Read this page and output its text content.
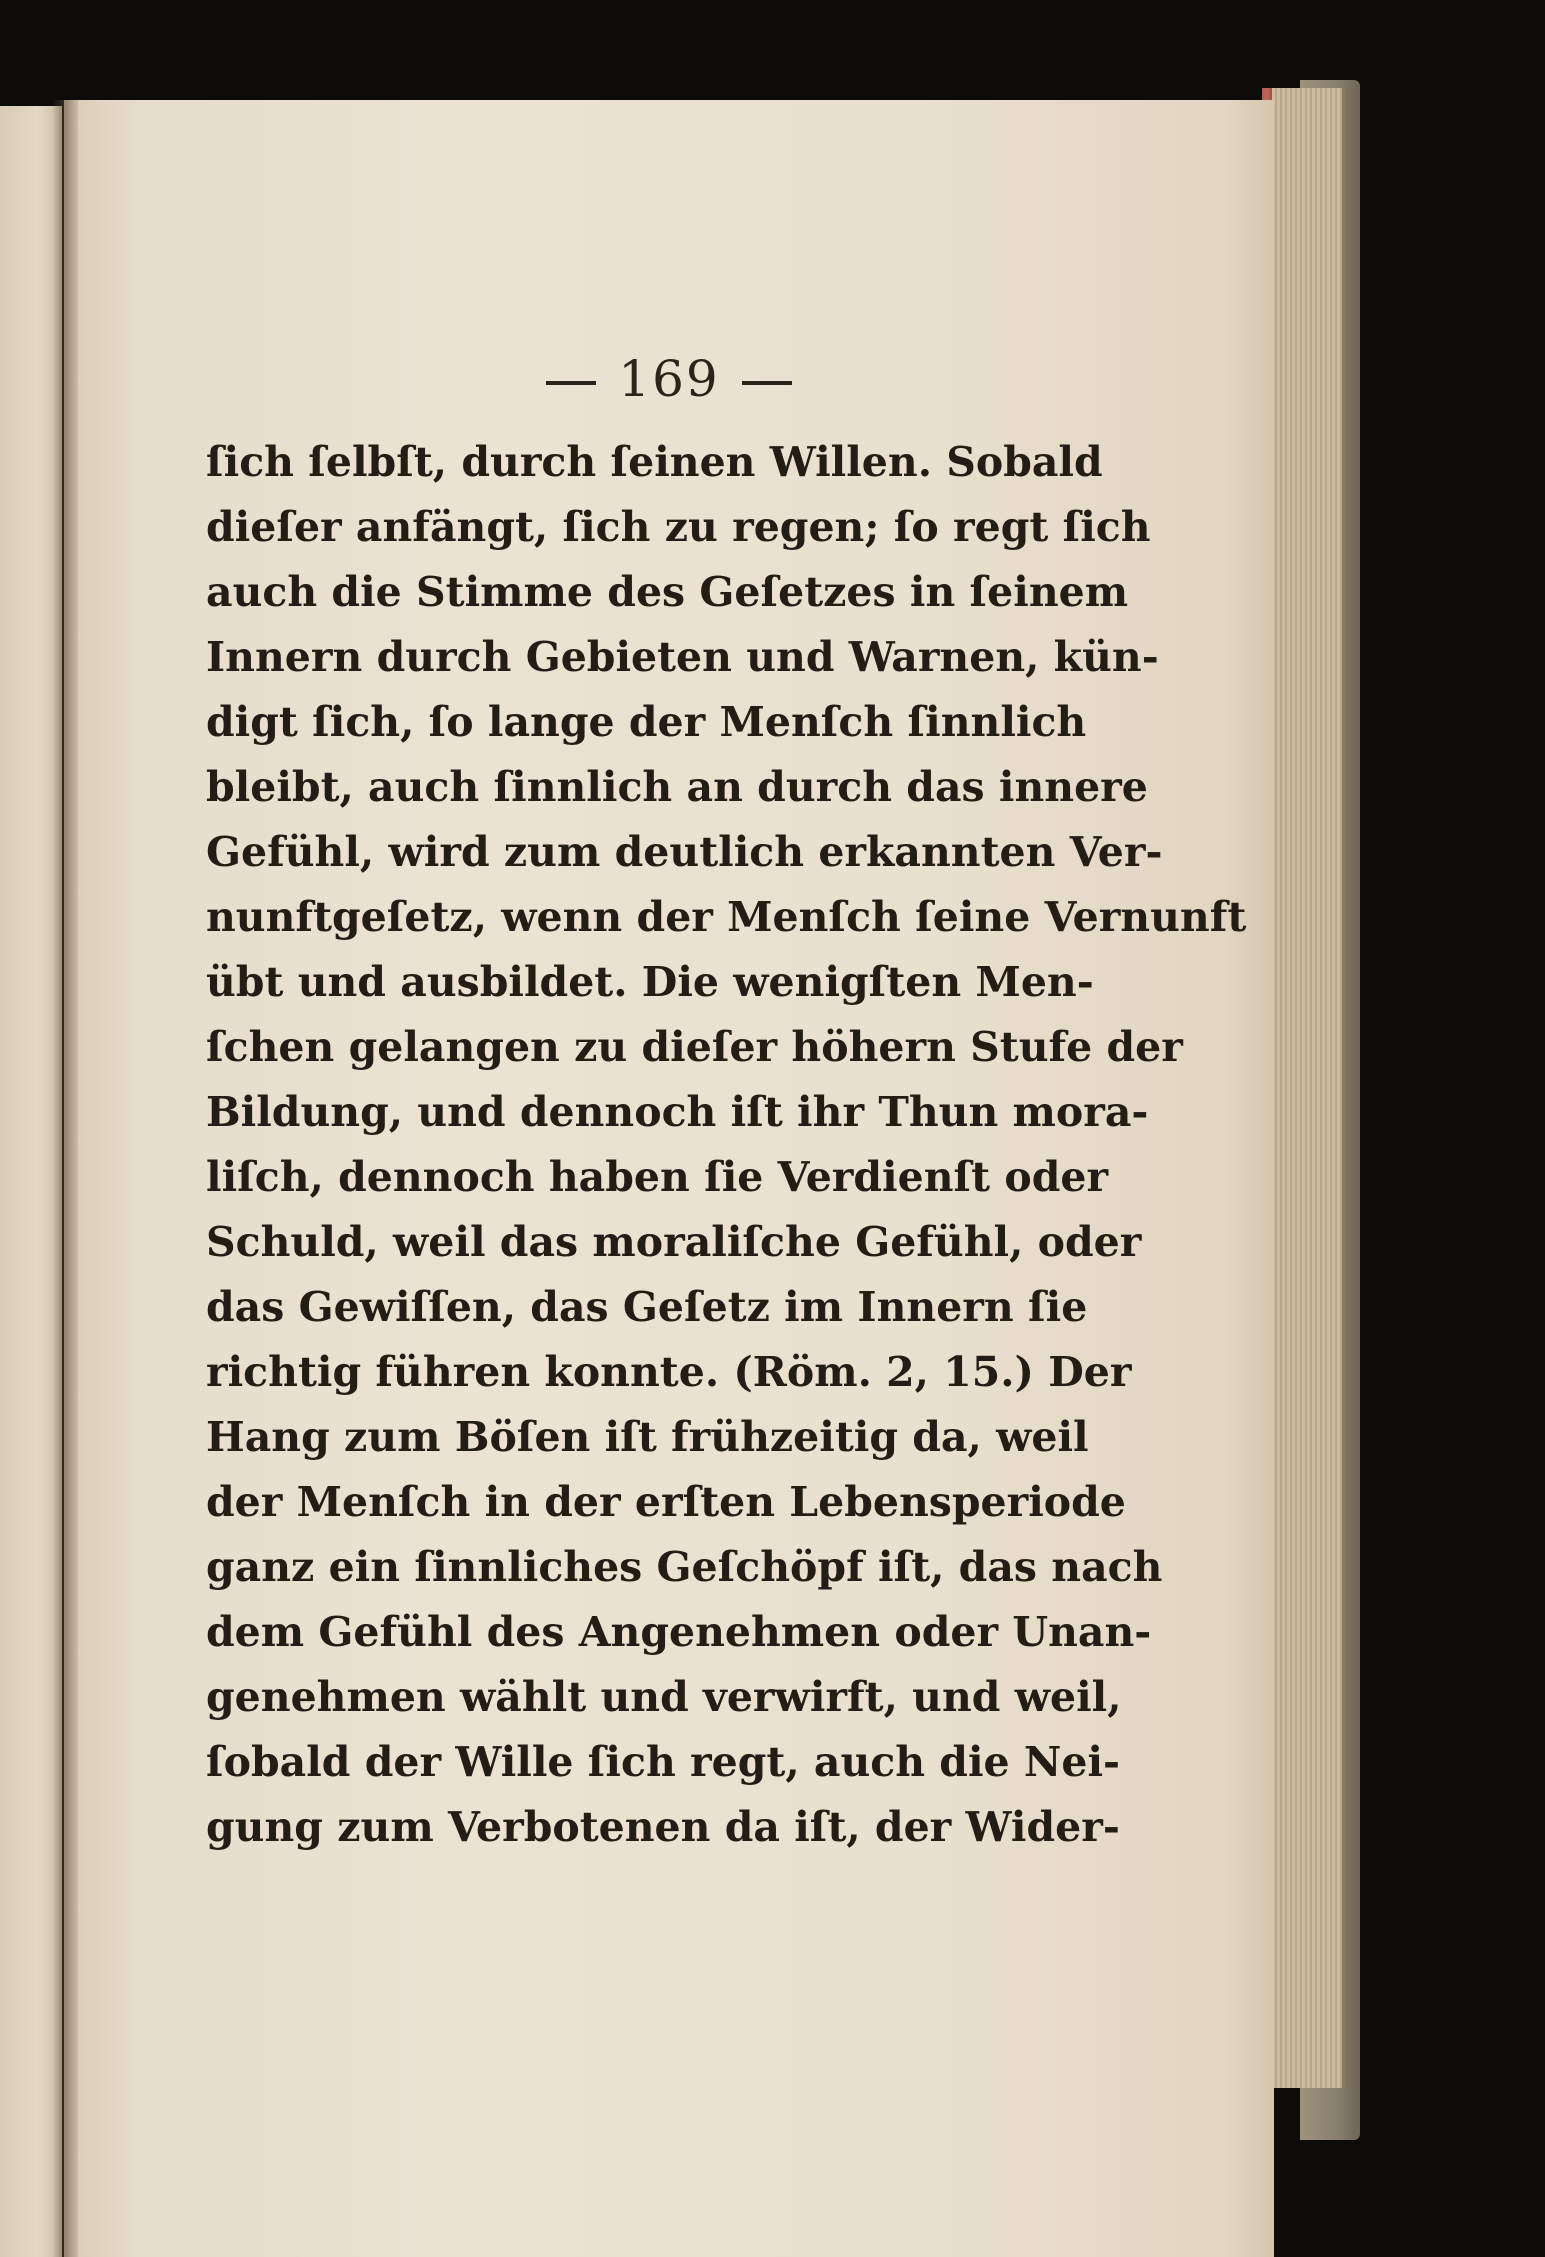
169
ſich ſelbſt, durch ſeinen Willen. Sobald
dieſer anfängt, ſich zu regen; ſo regt ſich
auch die Stimme des Geſetzes in ſeinem
Innern durch Gebieten und Warnen, kün-
digt ſich, ſo lange der Menſch ſinnlich
bleibt, auch ſinnlich an durch das innere
Gefühl, wird zum deutlich erkannten Ver-
nunftgeſetz, wenn der Menſch ſeine Vernunft
übt und ausbildet. Die wenigſten Men-
ſchen gelangen zu dieſer höhern Stufe der
Bildung, und dennoch iſt ihr Thun mora-
liſch, dennoch haben ſie Verdienſt oder
Schuld, weil das moraliſche Gefühl, oder
das Gewiſſen, das Geſetz im Innern ſie
richtig führen konnte. (Röm. 2, 15.) Der
Hang zum Böſen iſt frühzeitig da, weil
der Menſch in der erſten Lebensperiode
ganz ein ſinnliches Geſchöpf iſt, das nach
dem Gefühl des Angenehmen oder Unan-
genehmen wählt und verwirft, und weil,
ſobald der Wille ſich regt, auch die Nei-
gung zum Verbotenen da iſt, der Wider-
